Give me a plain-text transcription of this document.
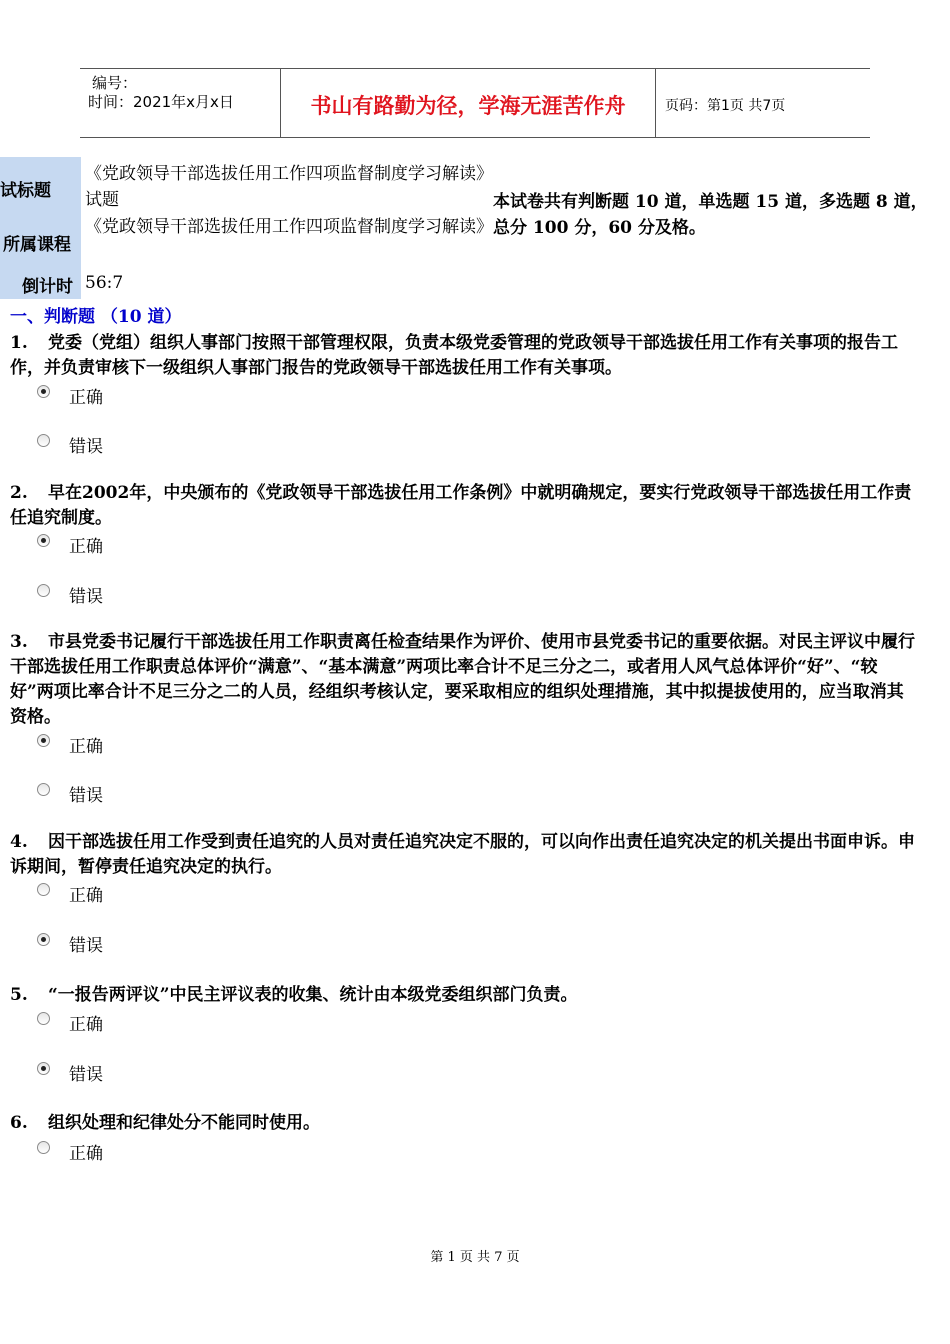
编号：
时间：2021年x月x日	书山有路勤为径，学海无涯苦作舟	页码：第1页 共7页
试标题
《党政领导干部选拔任用工作四项监督制度学习解读》试题
所属课程
《党政领导干部选拔任用工作四项监督制度学习解读》
倒计时 56:7
本试卷共有判断题 10 道，单选题 15 道，多选题 8 道，总分 100 分，60 分及格。
一、判断题 （10 道）
1. 党委（党组）组织人事部门按照干部管理权限，负责本级党委管理的党政领导干部选拔任用工作有关事项的报告工作，并负责审核下一级组织人事部门报告的党政领导干部选拔任用工作有关事项。
正确
错误
2. 早在2002年，中央颁布的《党政领导干部选拔任用工作条例》中就明确规定，要实行党政领导干部选拔任用工作责任追究制度。
正确
错误
3. 市县党委书记履行干部选拔任用工作职责离任检查结果作为评价、使用市县党委书记的重要依据。对民主评议中履行干部选拔任用工作职责总体评价“满意”、“基本满意”两项比率合计不足三分之二，或者用人风气总体评价“好”、“较好”两项比率合计不足三分之二的人员，经组织考核认定，要采取相应的组织处理措施，其中拟提拔使用的，应当取消其资格。
正确
错误
4. 因干部选拔任用工作受到责任追究的人员对责任追究决定不服的，可以向作出责任追究决定的机关提出书面申诉。申诉期间，暂停责任追究决定的执行。
正确
错误
5. “一报告两评议”中民主评议表的收集、统计由本级党委组织部门负责。
正确
错误
6. 组织处理和纪律处分不能同时使用。
正确
第 1 页 共 7 页
